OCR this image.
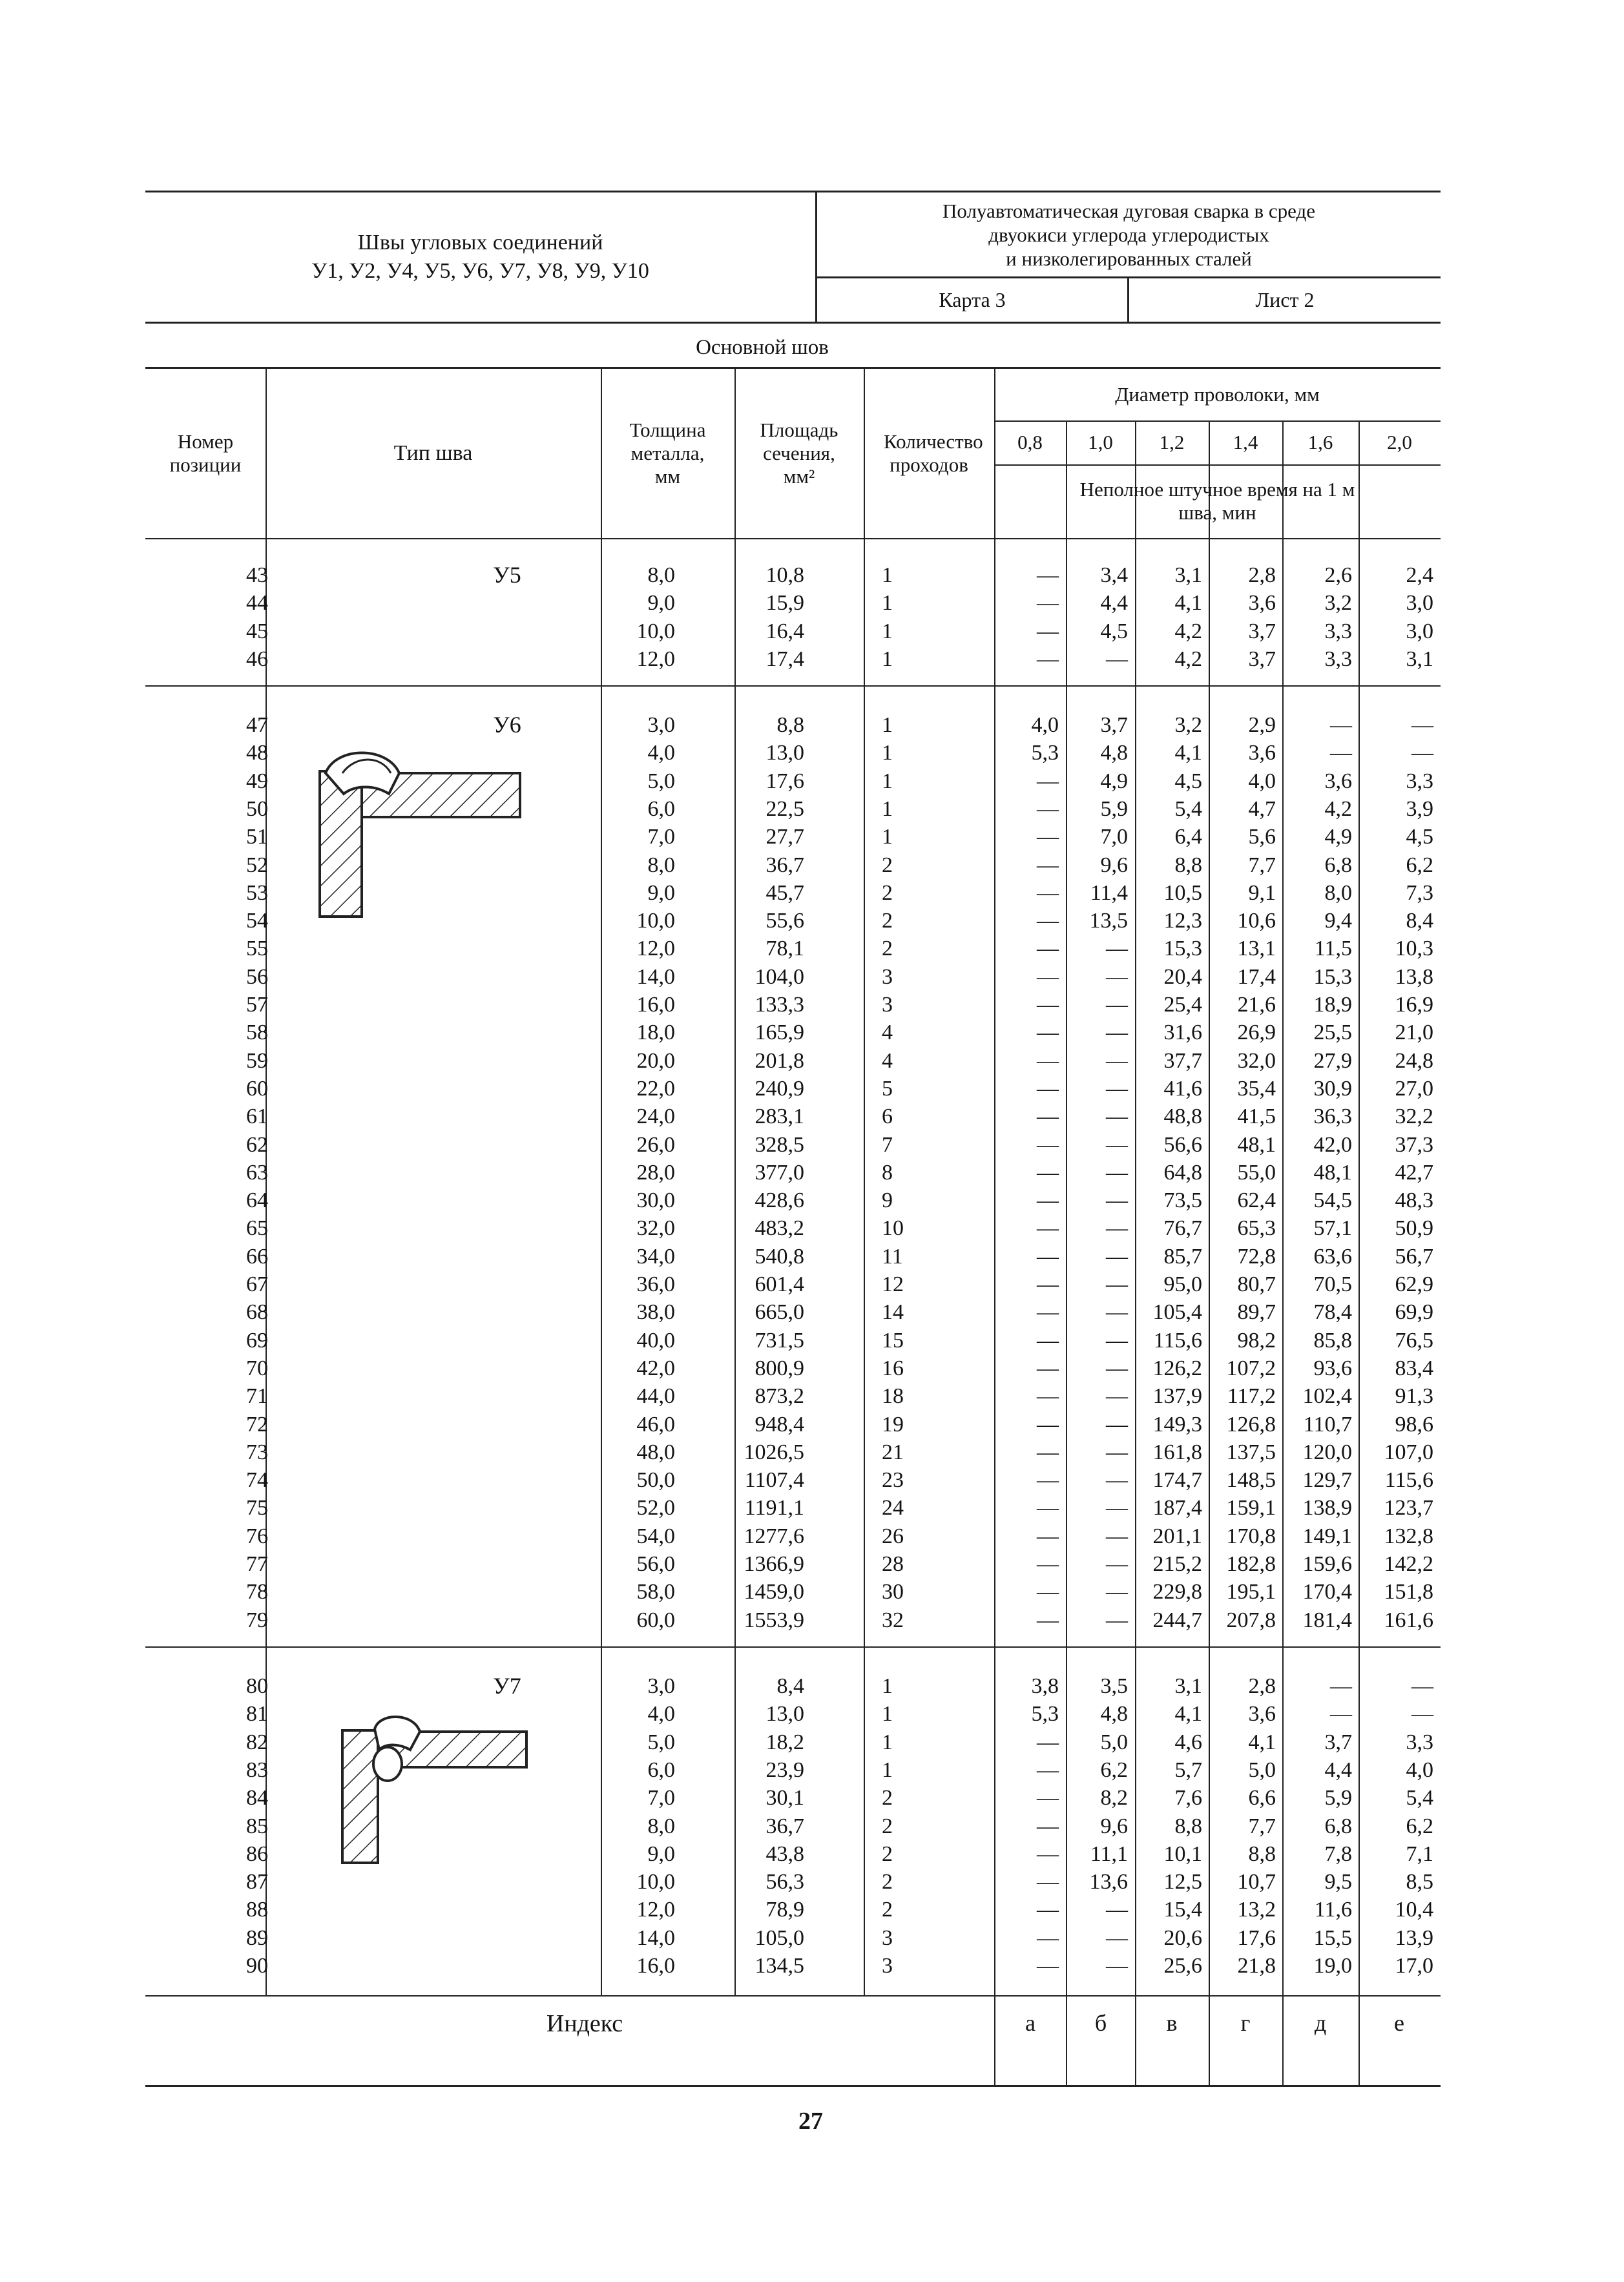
Швы угловых соединений
У1, У2, У4, У5, У6, У7, У8, У9, У10
Полуавтоматическая дуговая сварка в среде
двуокиси углерода углеродистых
и низколегированных сталей
Карта 3	Лист 2
Основной шов
Номер позиции	Тип шва
Толщина металла, мм
Площадь сечения, мм²
Количество проходов
Диаметр проволоки, мм
0,8	1,0	1,2	1,4	1,6	2,0
Неполное штучное время на 1 м шва, мин
У5
43	8,0	10,8	1	—	3,4	3,1	2,8	2,6	2,4
44	9,0	15,9	1	—	4,4	4,1	3,6	3,2	3,0
45	10,0	16,4	1	—	4,5	4,2	3,7	3,3	3,0
46	12,0	17,4	1	—	—	4,2	3,7	3,3	3,1
У6
47	3,0	8,8	1	4,0	3,7	3,2	2,9	—	—
48	4,0	13,0	1	5,3	4,8	4,1	3,6	—	—
49	5,0	17,6	1	—	4,9	4,5	4,0	3,6	3,3
50	6,0	22,5	1	—	5,9	5,4	4,7	4,2	3,9
51	7,0	27,7	1	—	7,0	6,4	5,6	4,9	4,5
52	8,0	36,7	2	—	9,6	8,8	7,7	6,8	6,2
53	9,0	45,7	2	—	11,4	10,5	9,1	8,0	7,3
54	10,0	55,6	2	—	13,5	12,3	10,6	9,4	8,4
55	12,0	78,1	2	—	—	15,3	13,1	11,5	10,3
56	14,0	104,0	3	—	—	20,4	17,4	15,3	13,8
57	16,0	133,3	3	—	—	25,4	21,6	18,9	16,9
58	18,0	165,9	4	—	—	31,6	26,9	25,5	21,0
59	20,0	201,8	4	—	—	37,7	32,0	27,9	24,8
60	22,0	240,9	5	—	—	41,6	35,4	30,9	27,0
61	24,0	283,1	6	—	—	48,8	41,5	36,3	32,2
62	26,0	328,5	7	—	—	56,6	48,1	42,0	37,3
63	28,0	377,0	8	—	—	64,8	55,0	48,1	42,7
64	30,0	428,6	9	—	—	73,5	62,4	54,5	48,3
65	32,0	483,2	10	—	—	76,7	65,3	57,1	50,9
66	34,0	540,8	11	—	—	85,7	72,8	63,6	56,7
67	36,0	601,4	12	—	—	95,0	80,7	70,5	62,9
68	38,0	665,0	14	—	—	105,4	89,7	78,4	69,9
69	40,0	731,5	15	—	—	115,6	98,2	85,8	76,5
70	42,0	800,9	16	—	—	126,2	107,2	93,6	83,4
71	44,0	873,2	18	—	—	137,9	117,2	102,4	91,3
72	46,0	948,4	19	—	—	149,3	126,8	110,7	98,6
73	48,0	1026,5	21	—	—	161,8	137,5	120,0	107,0
74	50,0	1107,4	23	—	—	174,7	148,5	129,7	115,6
75	52,0	1191,1	24	—	—	187,4	159,1	138,9	123,7
76	54,0	1277,6	26	—	—	201,1	170,8	149,1	132,8
77	56,0	1366,9	28	—	—	215,2	182,8	159,6	142,2
78	58,0	1459,0	30	—	—	229,8	195,1	170,4	151,8
79	60,0	1553,9	32	—	—	244,7	207,8	181,4	161,6
У7
80	3,0	8,4	1	3,8	3,5	3,1	2,8	—	—
81	4,0	13,0	1	5,3	4,8	4,1	3,6	—	—
82	5,0	18,2	1	—	5,0	4,6	4,1	3,7	3,3
83	6,0	23,9	1	—	6,2	5,7	5,0	4,4	4,0
84	7,0	30,1	2	—	8,2	7,6	6,6	5,9	5,4
85	8,0	36,7	2	—	9,6	8,8	7,7	6,8	6,2
86	9,0	43,8	2	—	11,1	10,1	8,8	7,8	7,1
87	10,0	56,3	2	—	13,6	12,5	10,7	9,5	8,5
88	12,0	78,9	2	—	—	15,4	13,2	11,6	10,4
89	14,0	105,0	3	—	—	20,6	17,6	15,5	13,9
90	16,0	134,5	3	—	—	25,6	21,8	19,0	17,0
Индекс	а	б	в	г	д	е
27
